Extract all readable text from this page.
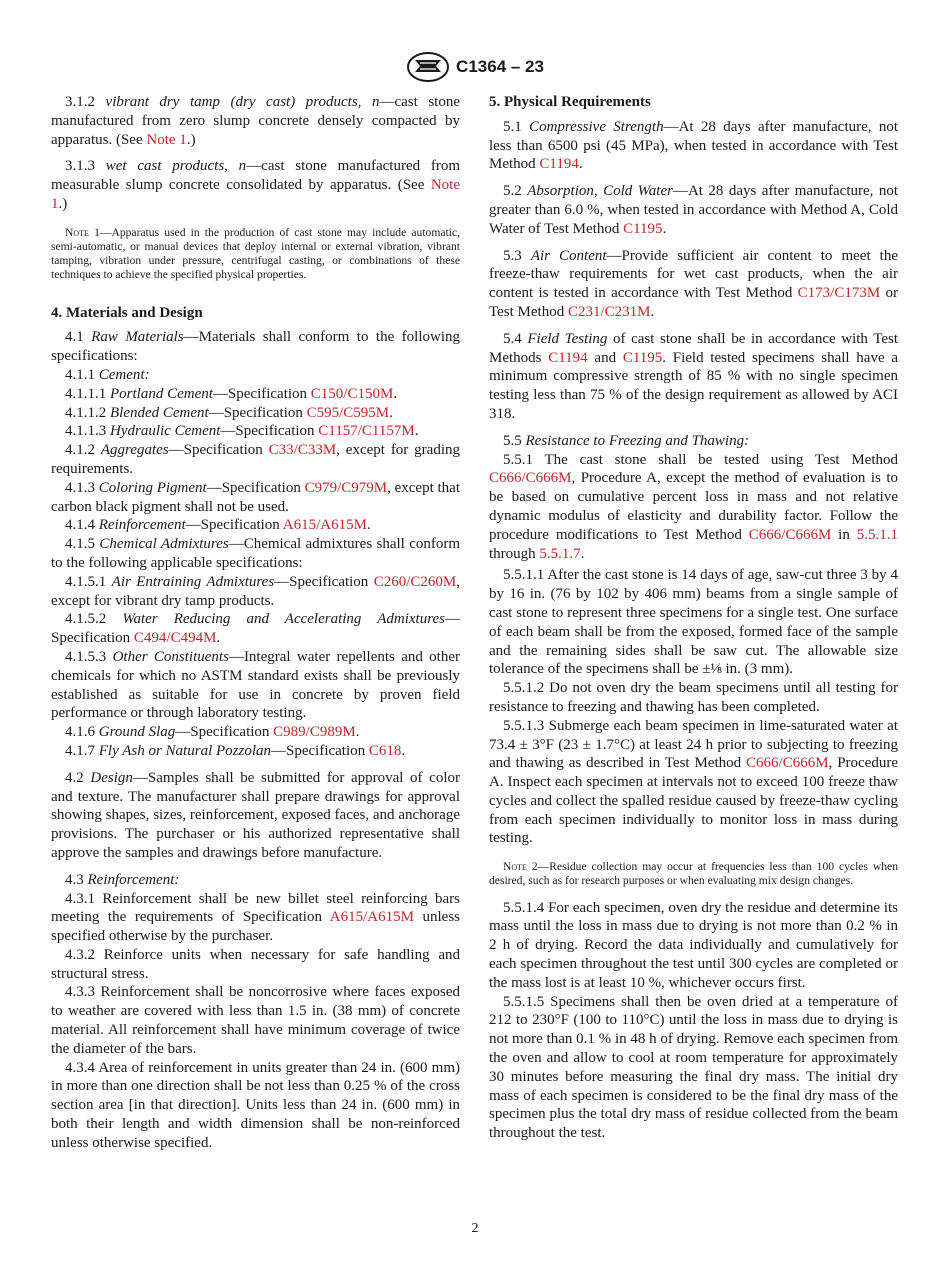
C1364 – 23

3.1.2 vibrant dry tamp (dry cast) products, n—cast stone manufactured from zero slump concrete densely compacted by apparatus. (See Note 1.)

3.1.3 wet cast products, n—cast stone manufactured from measurable slump concrete consolidated by apparatus. (See Note 1.)

Note 1—Apparatus used in the production of cast stone may include automatic, semi-automatic, or manual devices that deploy internal or external vibration, vibrant tamping, vibration under pressure, centrifugal casting, or combinations of these techniques to achieve the specified physical properties.

4. Materials and Design

4.1 Raw Materials—Materials shall conform to the following specifications:

4.1.1 Cement:

4.1.1.1 Portland Cement—Specification C150/C150M.

4.1.1.2 Blended Cement—Specification C595/C595M.

4.1.1.3 Hydraulic Cement—Specification C1157/C1157M.

4.1.2 Aggregates—Specification C33/C33M, except for grading requirements.

4.1.3 Coloring Pigment—Specification C979/C979M, except that carbon black pigment shall not be used.

4.1.4 Reinforcement—Specification A615/A615M.

4.1.5 Chemical Admixtures—Chemical admixtures shall conform to the following applicable specifications:

4.1.5.1 Air Entraining Admixtures—Specification C260/C260M, except for vibrant dry tamp products.

4.1.5.2 Water Reducing and Accelerating Admixtures—Specification C494/C494M.

4.1.5.3 Other Constituents—Integral water repellents and other chemicals for which no ASTM standard exists shall be previously established as suitable for use in concrete by proven field performance or through laboratory testing.

4.1.6 Ground Slag—Specification C989/C989M.

4.1.7 Fly Ash or Natural Pozzolan—Specification C618.

4.2 Design—Samples shall be submitted for approval of color and texture. The manufacturer shall prepare drawings for approval showing shapes, sizes, reinforcement, exposed faces, and anchorage provisions. The purchaser or his authorized representative shall approve the samples and drawings before manufacture.

4.3 Reinforcement:

4.3.1 Reinforcement shall be new billet steel reinforcing bars meeting the requirements of Specification A615/A615M unless specified otherwise by the purchaser.

4.3.2 Reinforce units when necessary for safe handling and structural stress.

4.3.3 Reinforcement shall be noncorrosive where faces exposed to weather are covered with less than 1.5 in. (38 mm) of concrete material. All reinforcement shall have minimum coverage of twice the diameter of the bars.

4.3.4 Area of reinforcement in units greater than 24 in. (600 mm) in more than one direction shall be not less than 0.25 % of the cross section area [in that direction]. Units less than 24 in. (600 mm) in both their length and width dimension shall be non-reinforced unless otherwise specified.

5. Physical Requirements

5.1 Compressive Strength—At 28 days after manufacture, not less than 6500 psi (45 MPa), when tested in accordance with Test Method C1194.

5.2 Absorption, Cold Water—At 28 days after manufacture, not greater than 6.0 %, when tested in accordance with Method A, Cold Water of Test Method C1195.

5.3 Air Content—Provide sufficient air content to meet the freeze-thaw requirements for wet cast products, when the air content is tested in accordance with Test Method C173/C173M or Test Method C231/C231M.

5.4 Field Testing of cast stone shall be in accordance with Test Methods C1194 and C1195. Field tested specimens shall have a minimum compressive strength of 85 % with no single specimen testing less than 75 % of the design requirement as allowed by ACI 318.

5.5 Resistance to Freezing and Thawing:

5.5.1 The cast stone shall be tested using Test Method C666/C666M, Procedure A, except the method of evaluation is to be based on cumulative percent loss in mass and not relative dynamic modulus of elasticity and durability factor. Follow the procedure modifications to Test Method C666/C666M in 5.5.1.1 through 5.5.1.7.

5.5.1.1 After the cast stone is 14 days of age, saw-cut three 3 by 4 by 16 in. (76 by 102 by 406 mm) beams from a single sample of cast stone to represent three specimens for a single test. One surface of each beam shall be from the exposed, formed face of the sample and the remaining sides shall be saw cut. The allowable size tolerance of the specimens shall be ±⅛ in. (3 mm).

5.5.1.2 Do not oven dry the beam specimens until all testing for resistance to freezing and thawing has been completed.

5.5.1.3 Submerge each beam specimen in lime-saturated water at 73.4 ± 3°F (23 ± 1.7°C) at least 24 h prior to subjecting to freezing and thawing as described in Test Method C666/C666M, Procedure A. Inspect each specimen at intervals not to exceed 100 freeze thaw cycles and collect the spalled residue caused by freeze-thaw cycling from each specimen individually to monitor loss in mass during testing.

Note 2—Residue collection may occur at frequencies less than 100 cycles when desired, such as for research purposes or when evaluating mix design changes.

5.5.1.4 For each specimen, oven dry the residue and determine its mass until the loss in mass due to drying is not more than 0.2 % in 2 h of drying. Record the data individually and cumulatively for each specimen throughout the test until 300 cycles are completed or the mass lost is at least 10 %, whichever occurs first.

5.5.1.5 Specimens shall then be oven dried at a temperature of 212 to 230°F (100 to 110°C) until the loss in mass due to drying is not more than 0.1 % in 48 h of drying. Remove each specimen from the oven and allow to cool at room temperature for approximately 30 minutes before measuring the final dry mass. The initial dry mass of each specimen is considered to be the final dry mass of the specimen plus the total dry mass of residue collected from the beam throughout the test.

2
